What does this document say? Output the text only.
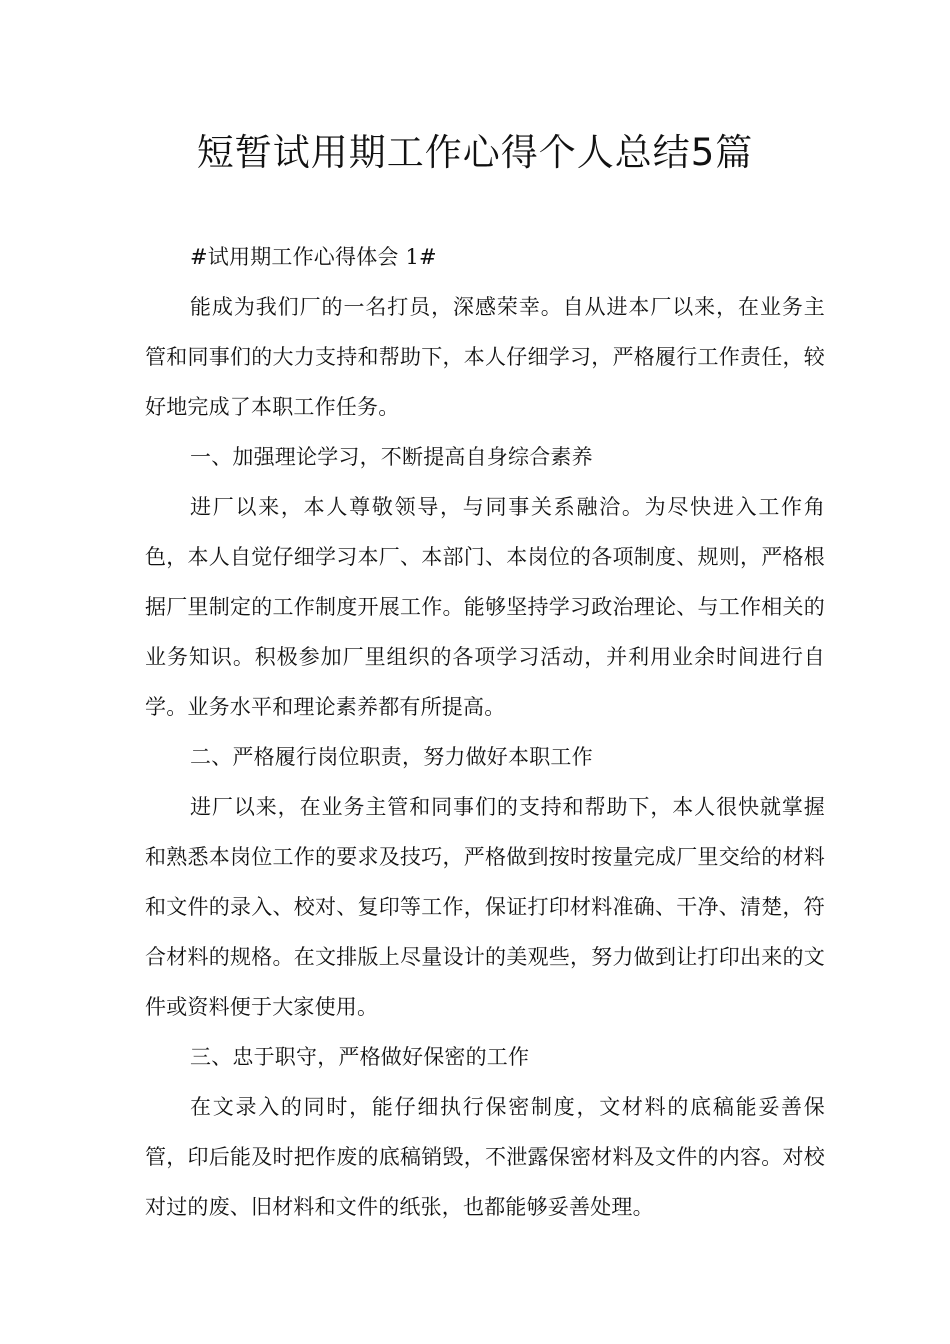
短暂试用期工作心得个人总结5篇

#试用期工作心得体会 1#

能成为我们厂的一名打员，深感荣幸。自从进本厂以来，在业务主管和同事们的大力支持和帮助下，本人仔细学习，严格履行工作责任，较好地完成了本职工作任务。

一、加强理论学习，不断提高自身综合素养

进厂以来，本人尊敬领导，与同事关系融洽。为尽快进入工作角色，本人自觉仔细学习本厂、本部门、本岗位的各项制度、规则，严格根据厂里制定的工作制度开展工作。能够坚持学习政治理论、与工作相关的业务知识。积极参加厂里组织的各项学习活动，并利用业余时间进行自学。业务水平和理论素养都有所提高。

二、严格履行岗位职责，努力做好本职工作

进厂以来，在业务主管和同事们的支持和帮助下，本人很快就掌握和熟悉本岗位工作的要求及技巧，严格做到按时按量完成厂里交给的材料和文件的录入、校对、复印等工作，保证打印材料准确、干净、清楚，符合材料的规格。在文排版上尽量设计的美观些，努力做到让打印出来的文件或资料便于大家使用。

三、忠于职守，严格做好保密的工作

在文录入的同时，能仔细执行保密制度，文材料的底稿能妥善保管，印后能及时把作废的底稿销毁，不泄露保密材料及文件的内容。对校对过的废、旧材料和文件的纸张，也都能够妥善处理。
